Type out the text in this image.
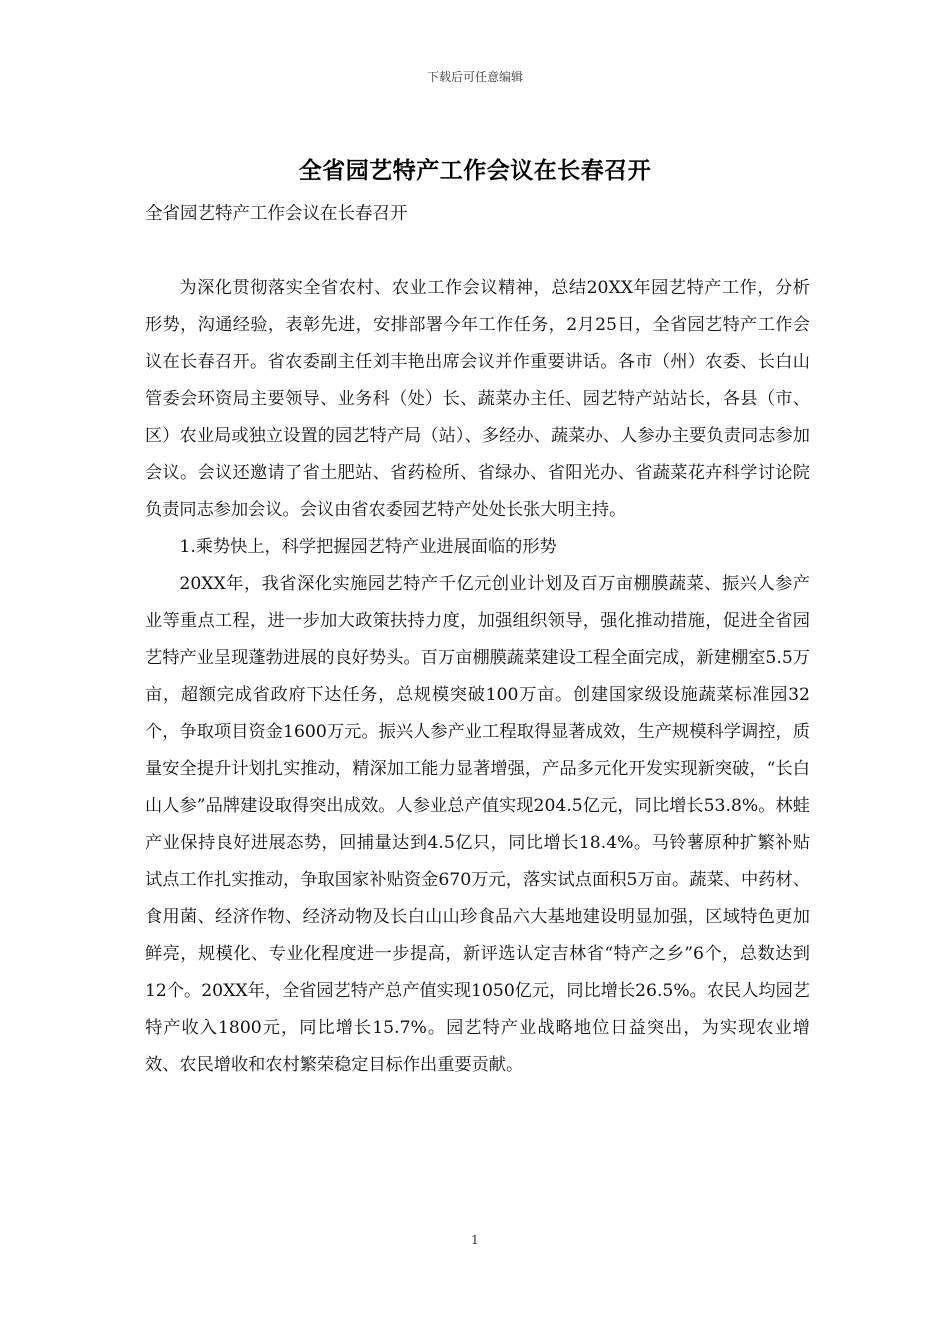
下载后可任意编辑
全省园艺特产工作会议在长春召开
全省园艺特产工作会议在长春召开

为深化贯彻落实全省农村、农业工作会议精神，总结20XX年园艺特产工作，分析形势，沟通经验，表彰先进，安排部署今年工作任务，2月25日，全省园艺特产工作会议在长春召开。省农委副主任刘丰艳出席会议并作重要讲话。各市（州）农委、长白山管委会环资局主要领导、业务科（处）长、蔬菜办主任、园艺特产站站长，各县（市、区）农业局或独立设置的园艺特产局（站）、多经办、蔬菜办、人参办主要负责同志参加会议。会议还邀请了省土肥站、省药检所、省绿办、省阳光办、省蔬菜花卉科学讨论院负责同志参加会议。会议由省农委园艺特产处处长张大明主持。

1.乘势快上，科学把握园艺特产业进展面临的形势

20XX年，我省深化实施园艺特产千亿元创业计划及百万亩棚膜蔬菜、振兴人参产业等重点工程，进一步加大政策扶持力度，加强组织领导，强化推动措施，促进全省园艺特产业呈现蓬勃进展的良好势头。百万亩棚膜蔬菜建设工程全面完成，新建棚室5.5万亩，超额完成省政府下达任务，总规模突破100万亩。创建国家级设施蔬菜标准园32个，争取项目资金1600万元。振兴人参产业工程取得显著成效，生产规模科学调控，质量安全提升计划扎实推动，精深加工能力显著增强，产品多元化开发实现新突破，“长白山人参”品牌建设取得突出成效。人参业总产值实现204.5亿元，同比增长53.8%。林蛙产业保持良好进展态势，回捕量达到4.5亿只，同比增长18.4%。马铃薯原种扩繁补贴试点工作扎实推动，争取国家补贴资金670万元，落实试点面积5万亩。蔬菜、中药材、食用菌、经济作物、经济动物及长白山山珍食品六大基地建设明显加强，区域特色更加鲜亮，规模化、专业化程度进一步提高，新评选认定吉林省“特产之乡”6个，总数达到12个。20XX年，全省园艺特产总产值实现1050亿元，同比增长26.5%。农民人均园艺特产收入1800元，同比增长15.7%。园艺特产业战略地位日益突出，为实现农业增效、农民增收和农村繁荣稳定目标作出重要贡献。

1
